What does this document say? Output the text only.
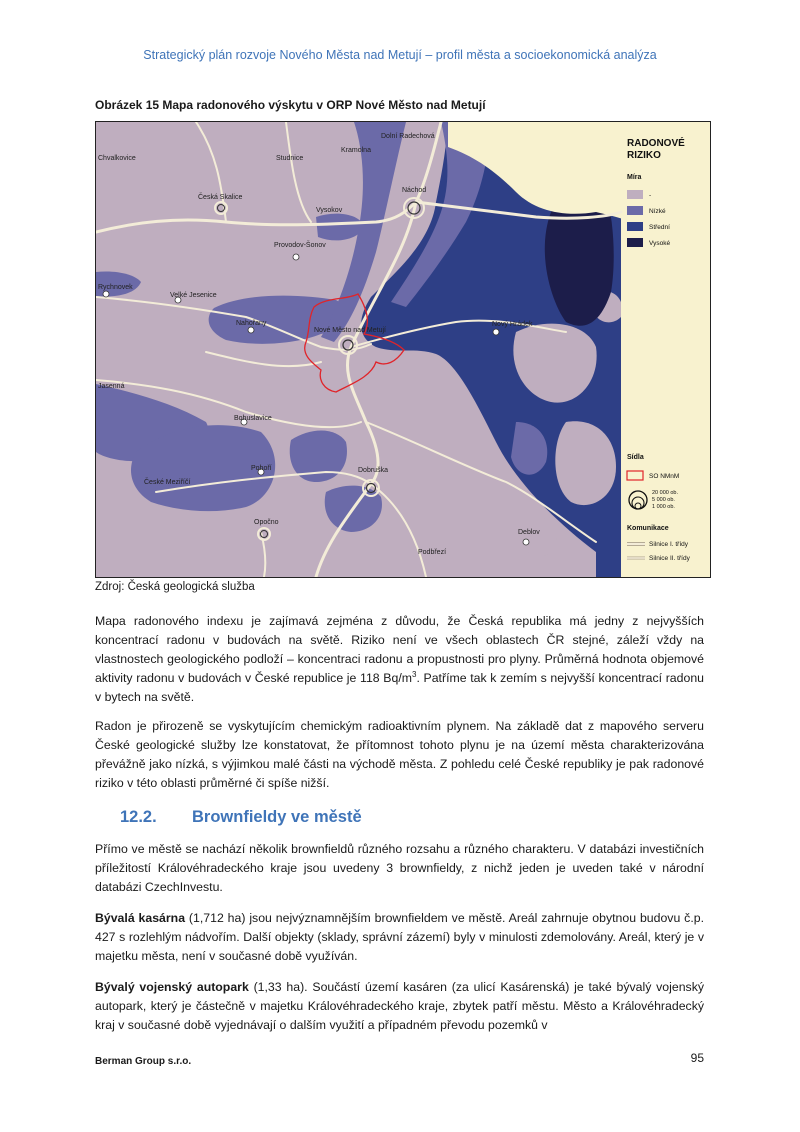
Strategický plán rozvoje Nového Města nad Metují – profil města a socioekonomická analýza
Obrázek 15 Mapa radonového výskytu v ORP Nové Město nad Metují
Dolní Radechová
Kramolna
Chvalkovice	Studnice
Česká Skalice
Náchod
Vysokov
Provodov-Šonov
Rychnovek
Velké Jesenice
Nahořany
Nové Město nad Metují
Nový Hrádek
Jasenná
Bohuslavice
Dobruška
Pohoří
České Meziříčí
Opočno
Podbřezí
Deblov
RADONOVÉ
RIZIKO
Míra
-
Nízké
Střední
Vysoké
Sídla
SO NMnM
20 000 ob.
5 000 ob.
1 000 ob.
Komunikace
Silnice I. třídy
Silnice II. třídy
Zdroj: Česká geologická služba

Mapa radonového indexu je zajímavá zejména z důvodu, že Česká republika má jedny z nejvyšších koncentrací radonu v budovách na světě. Riziko není ve všech oblastech ČR stejné, záleží vždy na vlastnostech geologického podloží – koncentraci radonu a propustnosti pro plyny. Průměrná hodnota objemové aktivity radonu v budovách v České republice je 118 $Bq/m^3$. Patříme tak k zemím s nejvyšší koncentrací radonu v bytech na světě.

Radon je přirozeně se vyskytujícím chemickým radioaktivním plynem. Na základě dat z mapového serveru České geologické služby lze konstatovat, že přítomnost tohoto plynu je na území města charakterizována převážně jako nízká, s výjimkou malé části na východě města. Z pohledu celé České republiky je pak radonové riziko v této oblasti průměrné či spíše nižší.

12.2. Brownfieldy ve městě

Přímo ve městě se nachází několik brownfieldů různého rozsahu a různého charakteru. V databázi investičních příležitostí Královéhradeckého kraje jsou uvedeny 3 brownfieldy, z nichž jeden je uveden také v národní databázi CzechInvestu.

Bývalá kasárna (1,712 ha) jsou nejvýznamnějším brownfieldem ve městě. Areál zahrnuje obytnou budovu č.p. 427 s rozlehlým nádvořím. Další objekty (sklady, správní zázemí) byly v minulosti zdemolovány. Areál, který je v majetku města, není v současné době využíván.

Bývalý vojenský autopark (1,33 ha). Součástí území kasáren (za ulicí Kasárenská) je také bývalý vojenský autopark, který je částečně v majetku Královéhradeckého kraje, zbytek patří městu. Město a Královéhradecký kraj v současné době vyjednávají o dalším využití a případném převodu pozemků v

Berman Group s.r.o.	95
